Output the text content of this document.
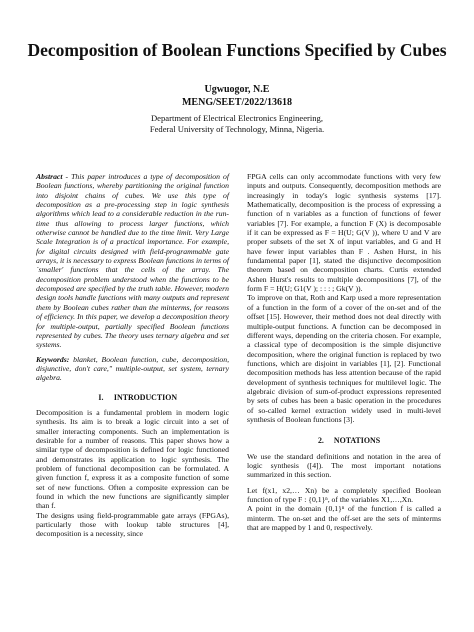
Decomposition of Boolean Functions Specified by Cubes
Ugwuogor, N.E
MENG/SEET/2022/13618
Department of Electrical Electronics Engineering,
Federal University of Technology, Minna, Nigeria.

Abstract - This paper introduces a type of decomposition of Boolean functions, whereby partitioning the original function into disjoint chains of cubes. We use this type of decomposition as a pre-processing step in logic synthesis algorithms which lead to a considerable reduction in the run-time thus allowing to process larger functions, which otherwise cannot be handled due to the time limit. Very Large Scale Integration is of a practical importance. For example, for digital circuits designed with field-programmable gate arrays, it is necessary to express Boolean functions in terms of `smaller' functions that the cells of the array. The decomposition problem understood when the functions to be decomposed are specified by the truth table. However, modern design tools handle functions with many outputs and represent them by Boolean cubes rather than the minterms, for reasons of efficiency. In this paper, we develop a decomposition theory for multiple-output, partially specified Boolean functions represented by cubes. The theory uses ternary algebra and set systems.

Keywords: blanket, Boolean function, cube, decomposition, disjunctive, don't care," multiple-output, set system, ternary algebra.

I. INTRODUCTION

Decomposition is a fundamental problem in modern logic synthesis. Its aim is to break a logic circuit into a set of smaller interacting components. Such an implementation is desirable for a number of reasons. This paper shows how a similar type of decomposition is defined for logic functioned and demonstrates its application to logic synthesis. The problem of functional decomposition can be formulated. A given function f, express it as a composite function of some set of new functions. Often a composite expression can be found in which the new functions are significantly simpler than f.

The designs using field-programmable gate arrays (FPGAs), particularly those with lookup table structures [4], decomposition is a necessity, since

FPGA cells can only accommodate functions with very few inputs and outputs. Consequently, decomposition methods are increasingly in today's logic synthesis systems [17]. Mathematically, decomposition is the process of expressing a function of n variables as a function of functions of fewer variables [7]. For example, a function F (X) is decomposable if it can be expressed as F = H(U; G(V )), where U and V are proper subsets of the set X of input variables, and G and H have fewer input variables than F . Ashen Hurst, in his fundamental paper [1], stated the disjunctive decomposition theorem based on decomposition charts. Curtis extended Ashen Hurst's results to multiple decompositions [7], of the form F = H(U; G1(V ); : : : ; Gk(V )).

To improve on that, Roth and Karp used a more representation of a function in the form of a cover of the on-set and of the offset [15]. However, their method does not deal directly with multiple-output functions. A function can be decomposed in different ways, depending on the criteria chosen. For example, a classical type of decomposition is the simple disjunctive decomposition, where the original function is replaced by two functions, which are disjoint in variables [1], [2]. Functional decomposition methods has less attention because of the rapid development of synthesis techniques for multilevel logic. The algebraic division of sum-of-product expressions represented by sets of cubes has been a basic operation in the procedures of so-called kernel extraction widely used in multi-level synthesis of Boolean functions [3].

2. NOTATIONS

We use the standard definitions and notation in the area of logic synthesis ([4]). The most important notations summarized in this section.

Let f(x1, x2,… Xn) be a completely specified Boolean function of type F : {0,1}ⁿ, of the variables X1,…,Xn.

A point in the domain {0,1}ⁿ of the function f is called a minterm. The on-set and the off-set are the sets of minterms that are mapped by 1 and 0, respectively.
